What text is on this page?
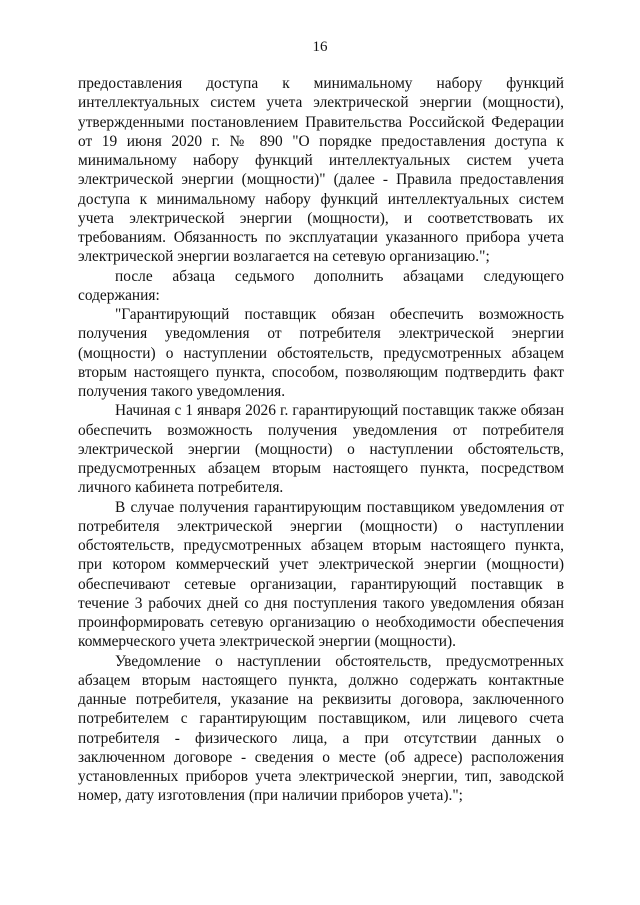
16

предоставления доступа к минимальному набору функций интеллектуальных систем учета электрической энергии (мощности), утвержденными постановлением Правительства Российской Федерации от 19 июня 2020 г. № 890 "О порядке предоставления доступа к минимальному набору функций интеллектуальных систем учета электрической энергии (мощности)" (далее - Правила предоставления доступа к минимальному набору функций интеллектуальных систем учета электрической энергии (мощности), и соответствовать их требованиям. Обязанность по эксплуатации указанного прибора учета электрической энергии возлагается на сетевую организацию.";

после абзаца седьмого дополнить абзацами следующего содержания:

"Гарантирующий поставщик обязан обеспечить возможность получения уведомления от потребителя электрической энергии (мощности) о наступлении обстоятельств, предусмотренных абзацем вторым настоящего пункта, способом, позволяющим подтвердить факт получения такого уведомления.

Начиная с 1 января 2026 г. гарантирующий поставщик также обязан обеспечить возможность получения уведомления от потребителя электрической энергии (мощности) о наступлении обстоятельств, предусмотренных абзацем вторым настоящего пункта, посредством личного кабинета потребителя.

В случае получения гарантирующим поставщиком уведомления от потребителя электрической энергии (мощности) о наступлении обстоятельств, предусмотренных абзацем вторым настоящего пункта, при котором коммерческий учет электрической энергии (мощности) обеспечивают сетевые организации, гарантирующий поставщик в течение 3 рабочих дней со дня поступления такого уведомления обязан проинформировать сетевую организацию о необходимости обеспечения коммерческого учета электрической энергии (мощности).

Уведомление о наступлении обстоятельств, предусмотренных абзацем вторым настоящего пункта, должно содержать контактные данные потребителя, указание на реквизиты договора, заключенного потребителем с гарантирующим поставщиком, или лицевого счета потребителя - физического лица, а при отсутствии данных о заключенном договоре - сведения о месте (об адресе) расположения установленных приборов учета электрической энергии, тип, заводской номер, дату изготовления (при наличии приборов учета).";
